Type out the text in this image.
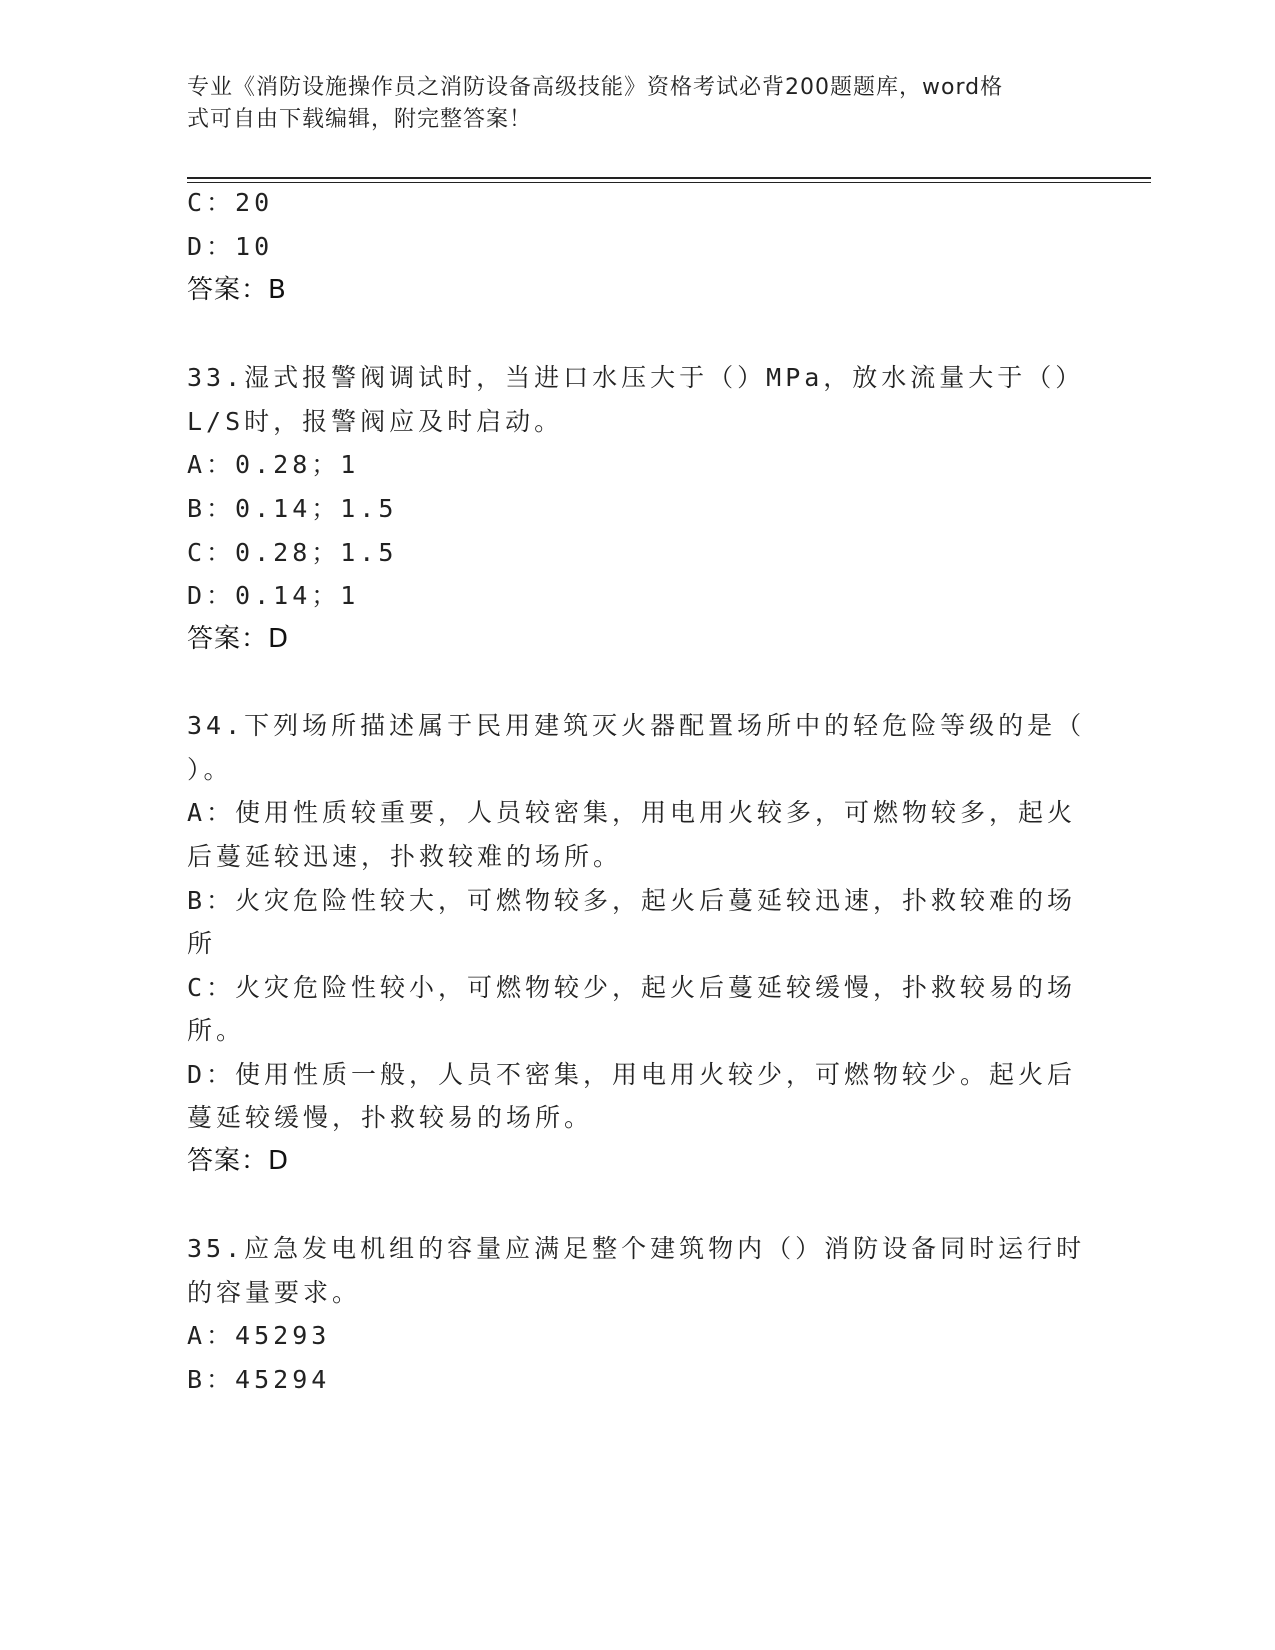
专业《消防设施操作员之消防设备高级技能》资格考试必背200题题库，word格
式可自由下载编辑，附完整答案！
C：20
D：10
答案：B
33.湿式报警阀调试时，当进口水压大于（）MPa，放水流量大于（）
L/S时，报警阀应及时启动。
A：0.28；1
B：0.14；1.5
C：0.28；1.5
D：0.14；1
答案：D
34.下列场所描述属于民用建筑灭火器配置场所中的轻危险等级的是（
）。
A：使用性质较重要，人员较密集，用电用火较多，可燃物较多，起火
后蔓延较迅速，扑救较难的场所。
B：火灾危险性较大，可燃物较多，起火后蔓延较迅速，扑救较难的场
所
C：火灾危险性较小，可燃物较少，起火后蔓延较缓慢，扑救较易的场
所。
D：使用性质一般，人员不密集，用电用火较少，可燃物较少。起火后
蔓延较缓慢，扑救较易的场所。
答案：D
35.应急发电机组的容量应满足整个建筑物内（）消防设备同时运行时
的容量要求。
A：45293
B：45294
